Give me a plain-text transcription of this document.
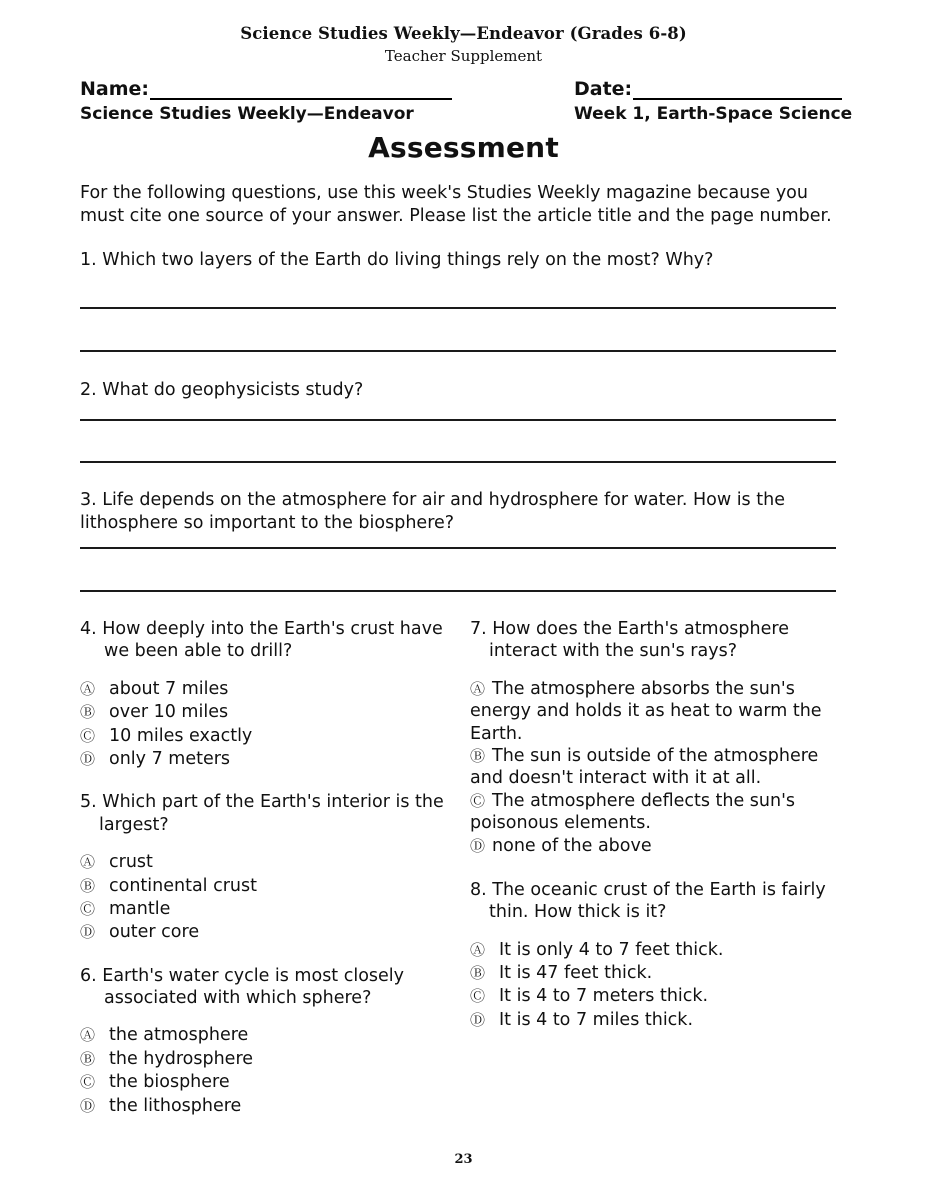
Science Studies Weekly—Endeavor (Grades 6-8)
Teacher Supplement
Name:
Science Studies Weekly—Endeavor
Date:
Week 1, Earth-Space Science
Assessment
For the following questions, use this week's Studies Weekly magazine because you must cite one source of your answer. Please list the article title and the page number.
1. Which two layers of the Earth do living things rely on the most? Why?
2. What do geophysicists study?
3. Life depends on the atmosphere for air and hydrosphere for water. How is the lithosphere so important to the biosphere?
4. How deeply into the Earth's crust have we been able to drill?
Ⓐ about 7 miles
Ⓑ over 10 miles
Ⓒ 10 miles exactly
Ⓓ only 7 meters
5. Which part of the Earth's interior is the largest?
Ⓐ crust
Ⓑ continental crust
Ⓒ mantle
Ⓓ outer core
6. Earth's water cycle is most closely associated with which sphere?
Ⓐ the atmosphere
Ⓑ the hydrosphere
Ⓒ the biosphere
Ⓓ the lithosphere
7. How does the Earth's atmosphere interact with the sun's rays?
Ⓐ The atmosphere absorbs the sun's energy and holds it as heat to warm the Earth.
Ⓑ The sun is outside of the atmosphere and doesn't interact with it at all.
Ⓒ The atmosphere deflects the sun's poisonous elements.
Ⓓ none of the above
8. The oceanic crust of the Earth is fairly thin. How thick is it?
Ⓐ It is only 4 to 7 feet thick.
Ⓑ It is 47 feet thick.
Ⓒ It is 4 to 7 meters thick.
Ⓓ It is 4 to 7 miles thick.
23
